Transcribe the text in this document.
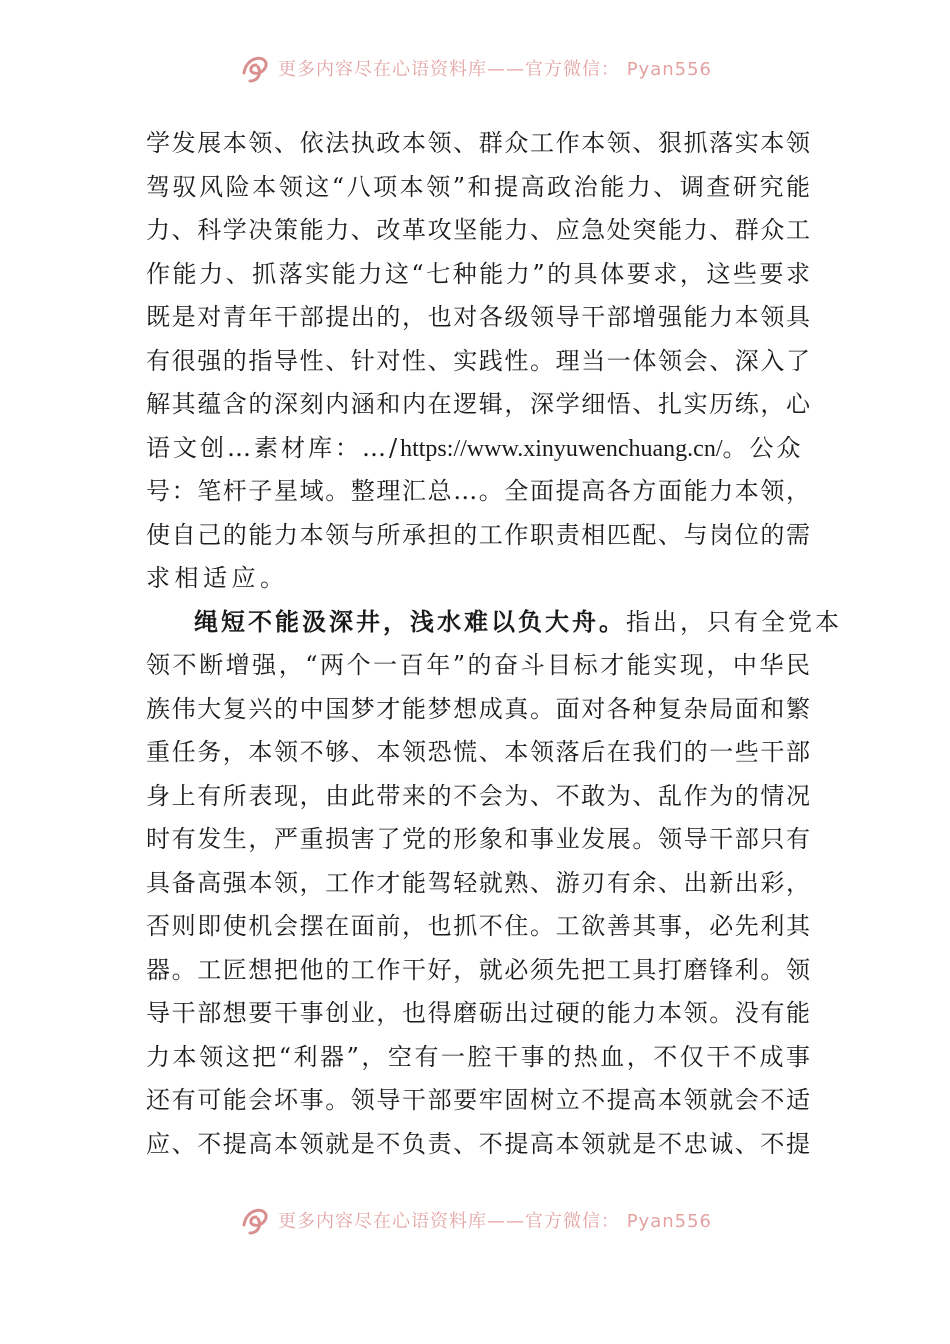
更多内容尽在心语资料库——官方微信： Pyan556
学发展本领、依法执政本领、群众工作本领、狠抓落实本领
驾驭风险本领这“八项本领”和提高政治能力、调查研究能
力、科学决策能力、改革攻坚能力、应急处突能力、群众工
作能力、抓落实能力这“七种能力”的具体要求，这些要求
既是对青年干部提出的，也对各级领导干部增强能力本领具
有很强的指导性、针对性、实践性。理当一体领会、深入了
解其蕴含的深刻内涵和内在逻辑，深学细悟、扎实历练，心
语文创…素材库：…/https://www.xinyuwenchuang.cn/。公众
号：笔杆子星域。整理汇总…。全面提高各方面能力本领，
使自己的能力本领与所承担的工作职责相匹配、与岗位的需
求相适应。
绳短不能汲深井，浅水难以负大舟。指出，只有全党本
领不断增强，“两个一百年”的奋斗目标才能实现，中华民
族伟大复兴的中国梦才能梦想成真。面对各种复杂局面和繁
重任务，本领不够、本领恐慌、本领落后在我们的一些干部
身上有所表现，由此带来的不会为、不敢为、乱作为的情况
时有发生，严重损害了党的形象和事业发展。领导干部只有
具备高强本领，工作才能驾轻就熟、游刃有余、出新出彩，
否则即使机会摆在面前，也抓不住。工欲善其事，必先利其
器。工匠想把他的工作干好，就必须先把工具打磨锋利。领
导干部想要干事创业，也得磨砺出过硬的能力本领。没有能
力本领这把“利器”，空有一腔干事的热血，不仅干不成事
还有可能会坏事。领导干部要牢固树立不提高本领就会不适
应、不提高本领就是不负责、不提高本领就是不忠诚、不提
更多内容尽在心语资料库——官方微信： Pyan556
